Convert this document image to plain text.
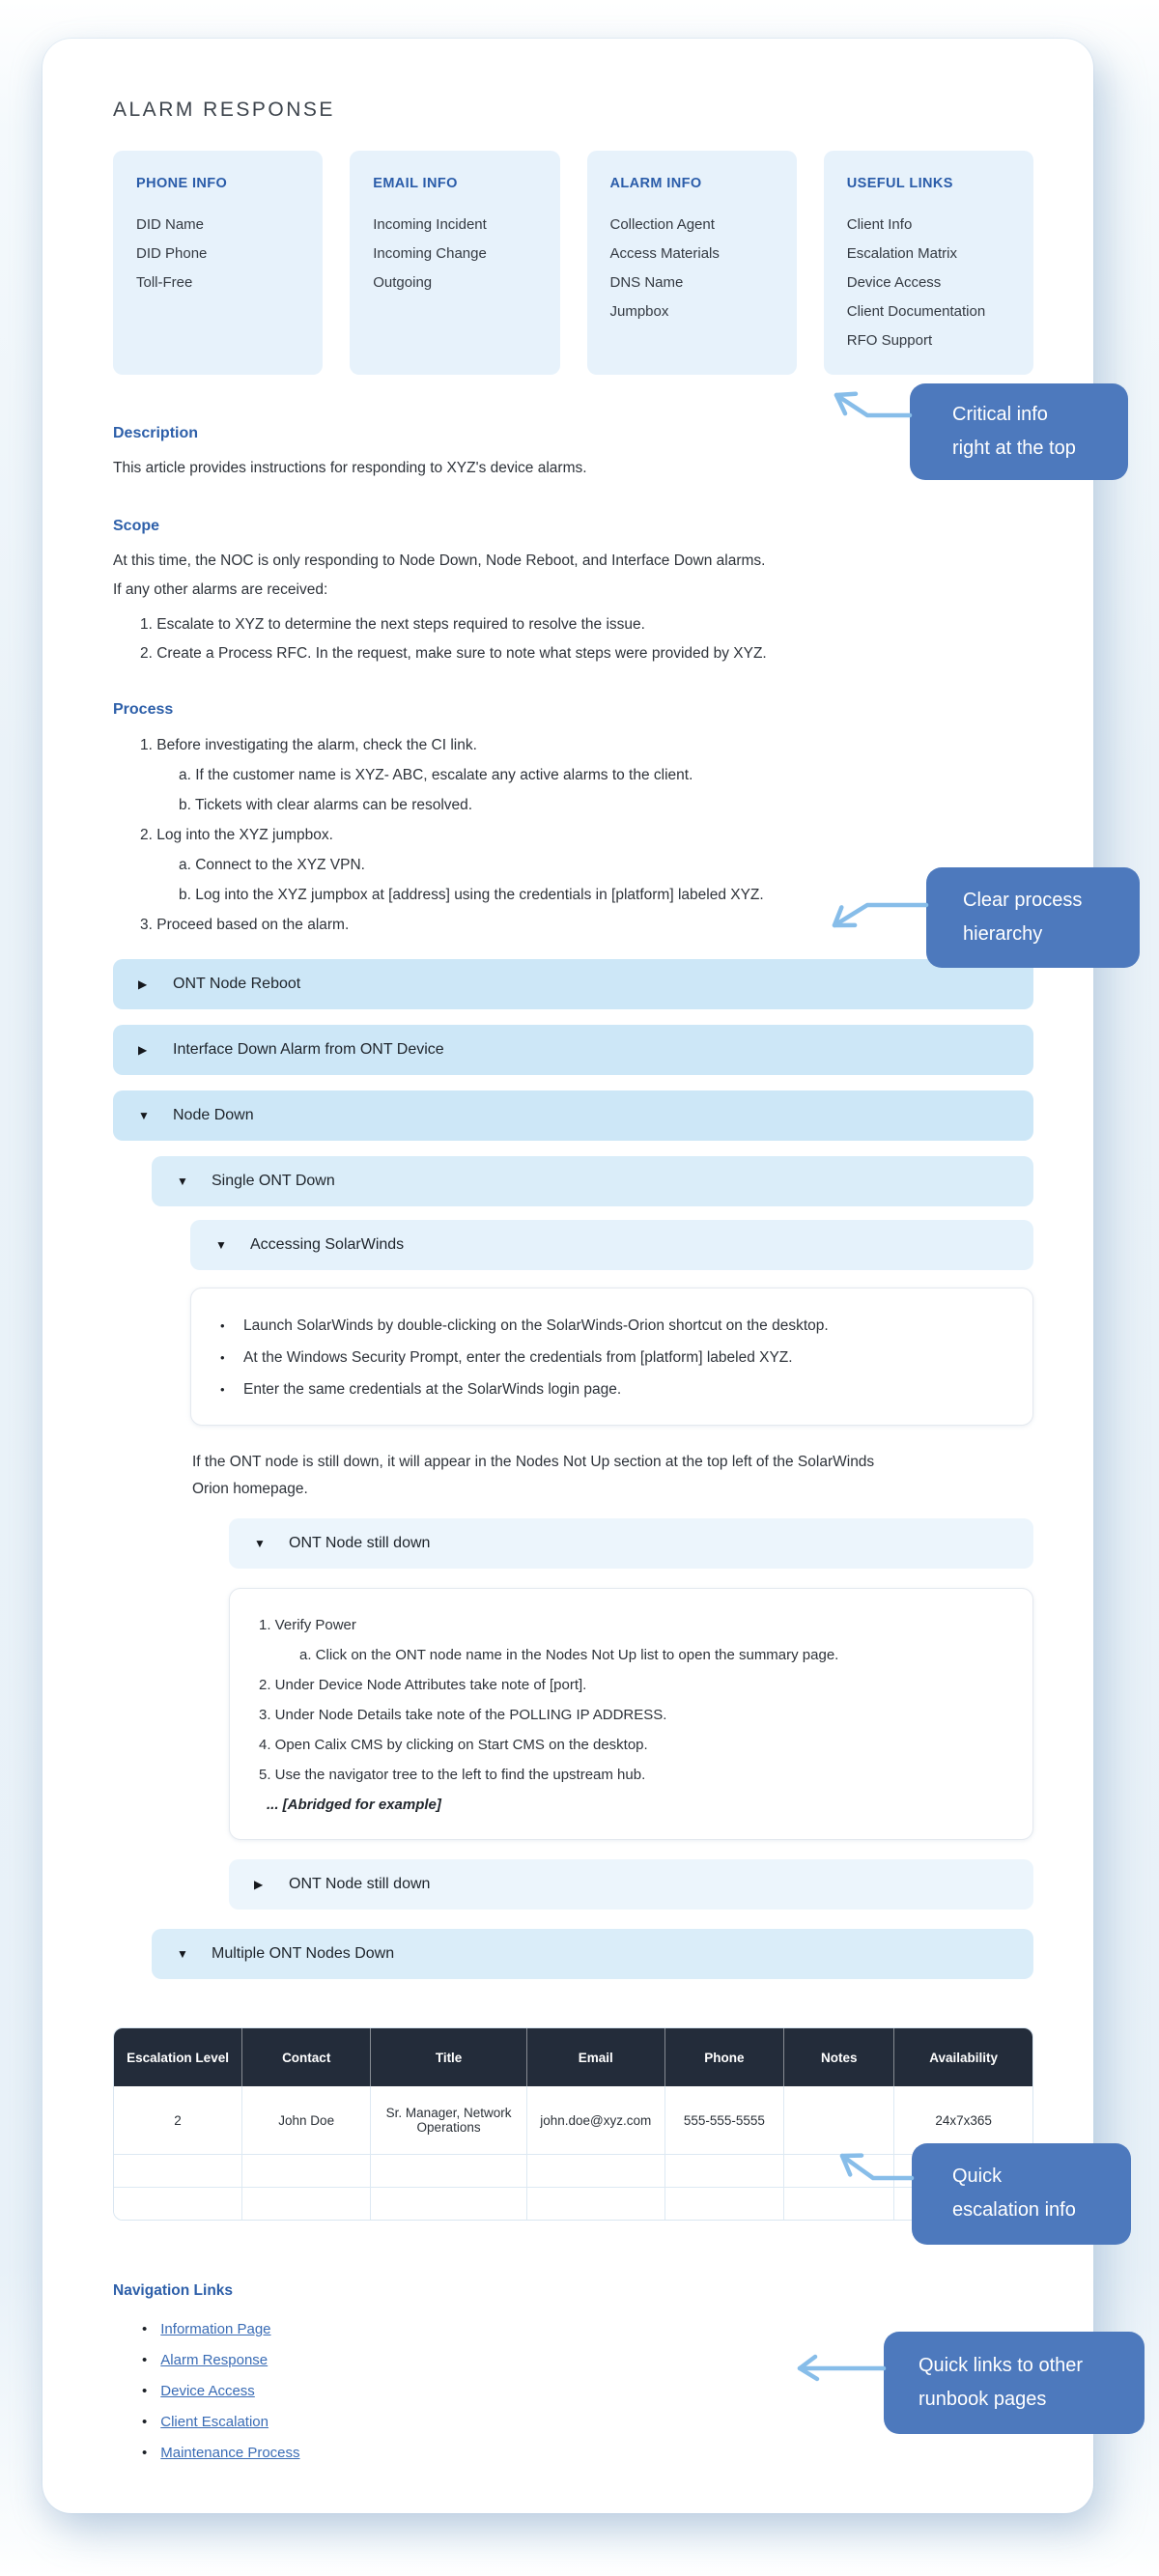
ALARM RESPONSE
PHONE INFO
DID Name
DID Phone
Toll-Free
EMAIL INFO
Incoming Incident
Incoming Change
Outgoing
ALARM INFO
Collection Agent
Access Materials
DNS Name
Jumpbox
USEFUL LINKS
Client Info
Escalation Matrix
Device Access
Client Documentation
RFO Support
Description
This article provides instructions for responding to XYZ's device alarms.
Scope
At this time, the NOC is only responding to Node Down, Node Reboot, and Interface Down alarms.
If any other alarms are received:
1. Escalate to XYZ to determine the next steps required to resolve the issue.
2. Create a Process RFC. In the request, make sure to note what steps were provided by XYZ.
Process
1. Before investigating the alarm, check the CI link.
a. If the customer name is XYZ- ABC, escalate any active alarms to the client.
b. Tickets with clear alarms can be resolved.
2. Log into the XYZ jumpbox.
a. Connect to the XYZ VPN.
b. Log into the XYZ jumpbox at [address] using the credentials in [platform] labeled XYZ.
3. Proceed based on the alarm.
▶	ONT Node Reboot
▶	Interface Down Alarm from ONT Device
▼	Node Down
▼	Single ONT Down
▼	Accessing SolarWinds
•	Launch SolarWinds by double-clicking on the SolarWinds-Orion shortcut on the desktop.
•	At the Windows Security Prompt, enter the credentials from [platform] labeled XYZ.
•	Enter the same credentials at the SolarWinds login page.
If the ONT node is still down, it will appear in the Nodes Not Up section at the top left of the SolarWinds Orion homepage.
▼	ONT Node still down
1. Verify Power
a. Click on the ONT node name in the Nodes Not Up list to open the summary page.
2. Under Device Node Attributes take note of [port].
3. Under Node Details take note of the POLLING IP ADDRESS.
4. Open Calix CMS by clicking on Start CMS on the desktop.
5. Use the navigator tree to the left to find the upstream hub.
... [Abridged for example]
▶	ONT Node still down
▼	Multiple ONT Nodes Down
Escalation Level	Contact	Title	Email	Phone	Notes	Availability
2	John Doe	Sr. Manager, Network Operations	john.doe@xyz.com	555-555-5555		24x7x365

Navigation Links
• Information Page
• Alarm Response
• Device Access
• Client Escalation
• Maintenance Process
Critical info
right at the top
Clear process
hierarchy
Quick
escalation info
Quick links to other
runbook pages
